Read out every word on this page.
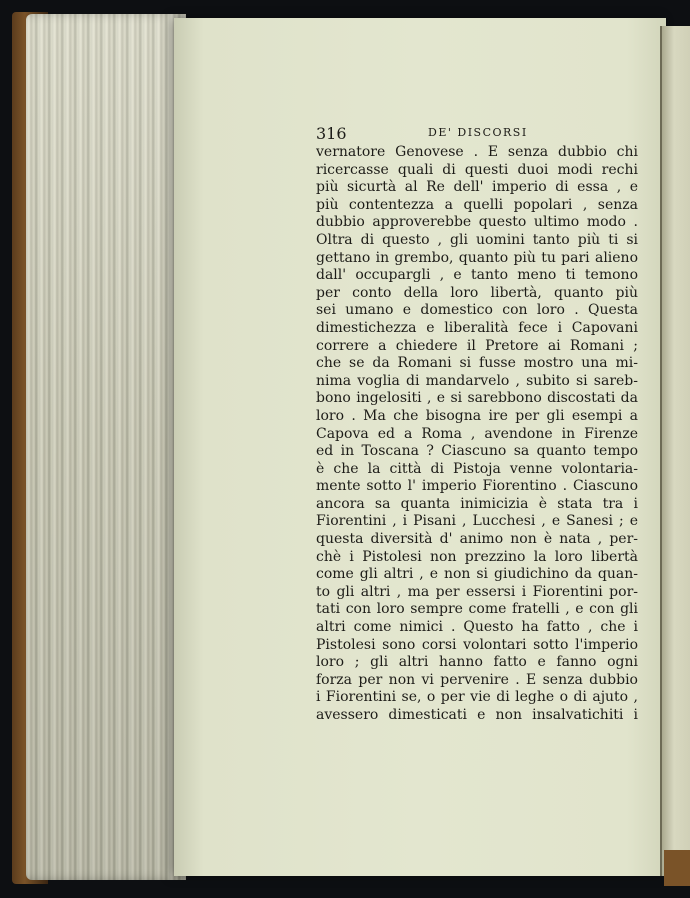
316	DE' DISCORSI
vernatore Genovese . E senza dubbio chi
ricercasse quali di questi duoi modi rechi
più sicurtà al Re dell' imperio di essa , e
più contentezza a quelli popolari , senza
dubbio approverebbe questo ultimo modo .
Oltra di questo , gli uomini tanto più ti si
gettano in grembo, quanto più tu pari alieno
dall' occupargli , e tanto meno ti temono
per conto della loro libertà, quanto più
sei umano e domestico con loro . Questa
dimestichezza e liberalità fece i Capovani
correre a chiedere il Pretore ai Romani ;
che se da Romani si fusse mostro una mi-
nima voglia di mandarvelo , subito si sareb-
bono ingelositi , e si sarebbono discostati da
loro . Ma che bisogna ire per gli esempi a
Capova ed a Roma , avendone in Firenze
ed in Toscana ? Ciascuno sa quanto tempo
è che la città di Pistoja venne volontaria-
mente sotto l' imperio Fiorentino . Ciascuno
ancora sa quanta inimicizia è stata tra i
Fiorentini , i Pisani , Lucchesi , e Sanesi ; e
questa diversità d' animo non è nata , per-
chè i Pistolesi non prezzino la loro libertà
come gli altri , e non si giudichino da quan-
to gli altri , ma per essersi i Fiorentini por-
tati con loro sempre come fratelli , e con gli
altri come nimici . Questo ha fatto , che i
Pistolesi sono corsi volontari sotto l'imperio
loro ; gli altri hanno fatto e fanno ogni
forza per non vi pervenire . E senza dubbio
i Fiorentini se, o per vie di leghe o di ajuto ,
avessero dimesticati e non insalvatichiti i
